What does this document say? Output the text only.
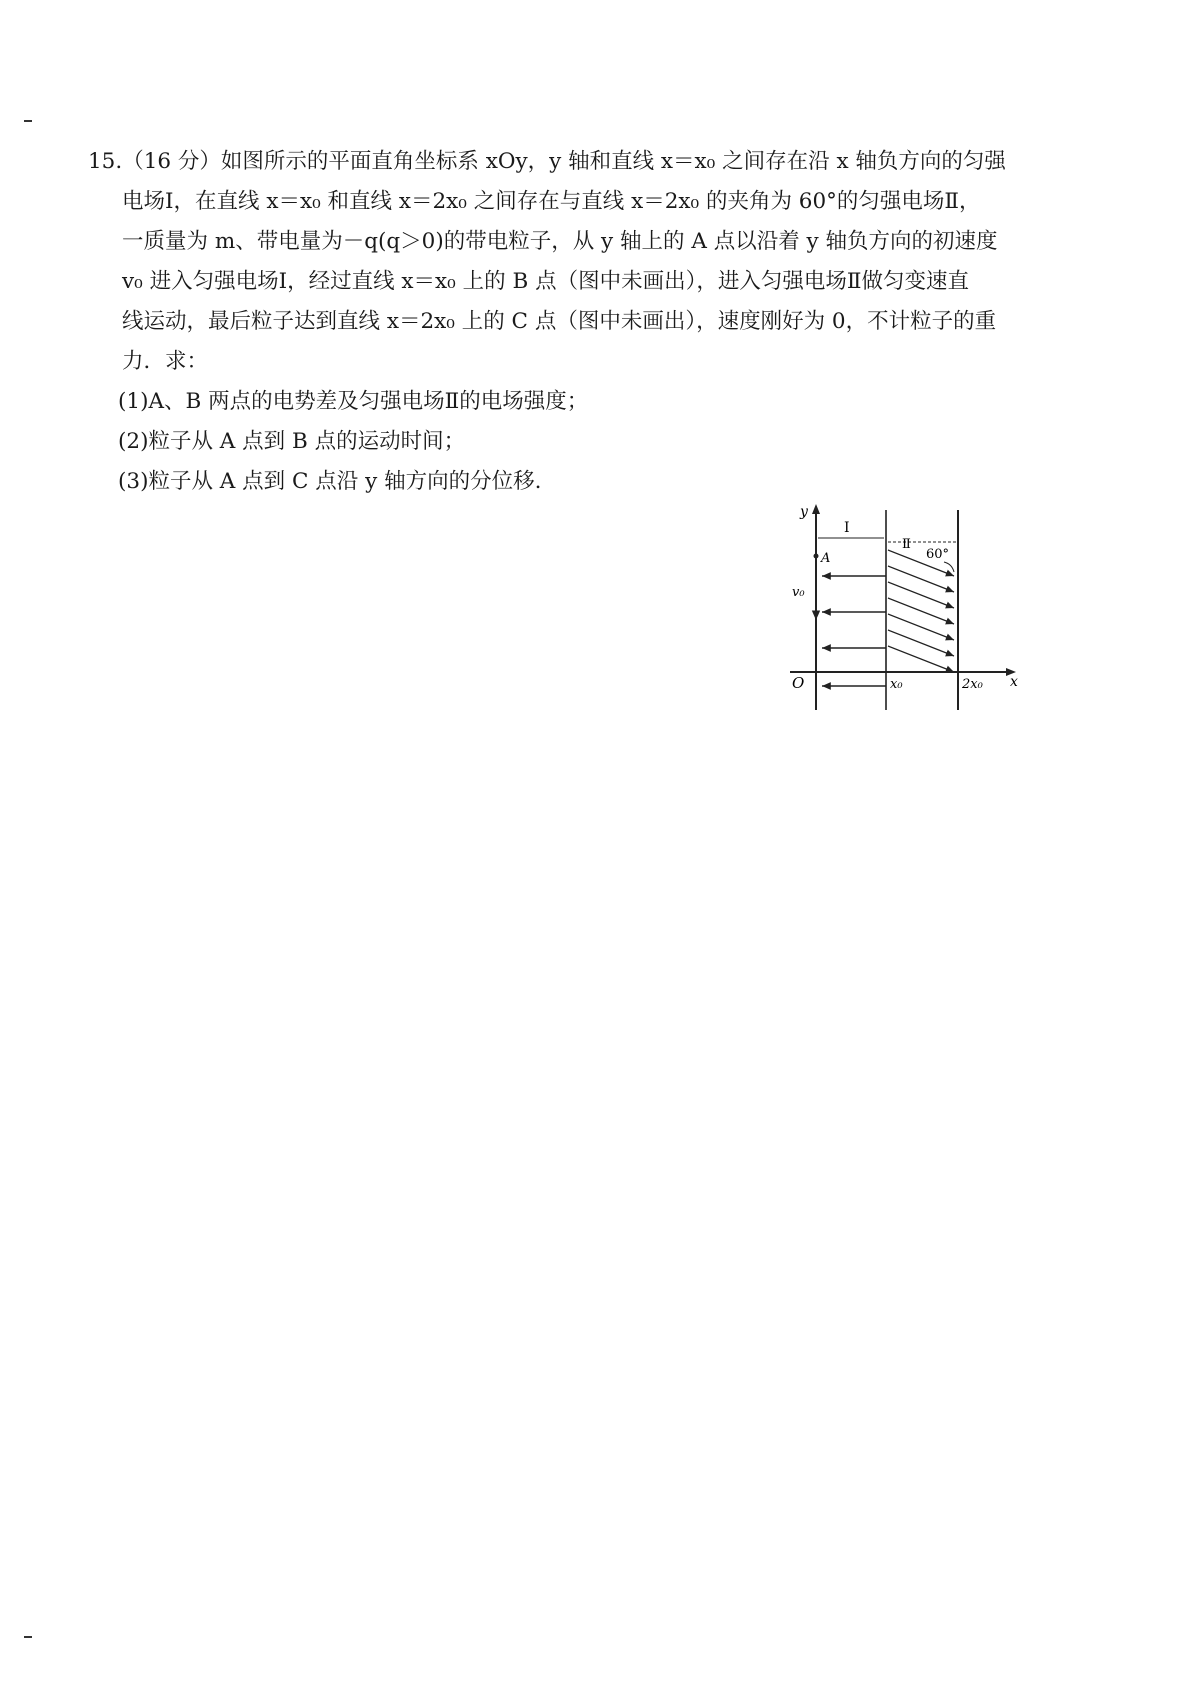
15.（16 分）如图所示的平面直角坐标系 xOy，y 轴和直线 x＝x₀ 之间存在沿 x 轴负方向的匀强
电场Ⅰ，在直线 x＝x₀ 和直线 x＝2x₀ 之间存在与直线 x＝2x₀ 的夹角为 60°的匀强电场Ⅱ，
一质量为 m、带电量为－q(q＞0)的带电粒子，从 y 轴上的 A 点以沿着 y 轴负方向的初速度
v₀ 进入匀强电场Ⅰ，经过直线 x＝x₀ 上的 B 点（图中未画出），进入匀强电场Ⅱ做匀变速直
线运动，最后粒子达到直线 x＝2x₀ 上的 C 点（图中未画出），速度刚好为 0，不计粒子的重
力．求：
(1)A、B 两点的电势差及匀强电场Ⅱ的电场强度；
(2)粒子从 A 点到 B 点的运动时间；
(3)粒子从 A 点到 C 点沿 y 轴方向的分位移.
y
x
O
Ⅰ
Ⅱ
60°
A
v₀
x₀	2x₀
